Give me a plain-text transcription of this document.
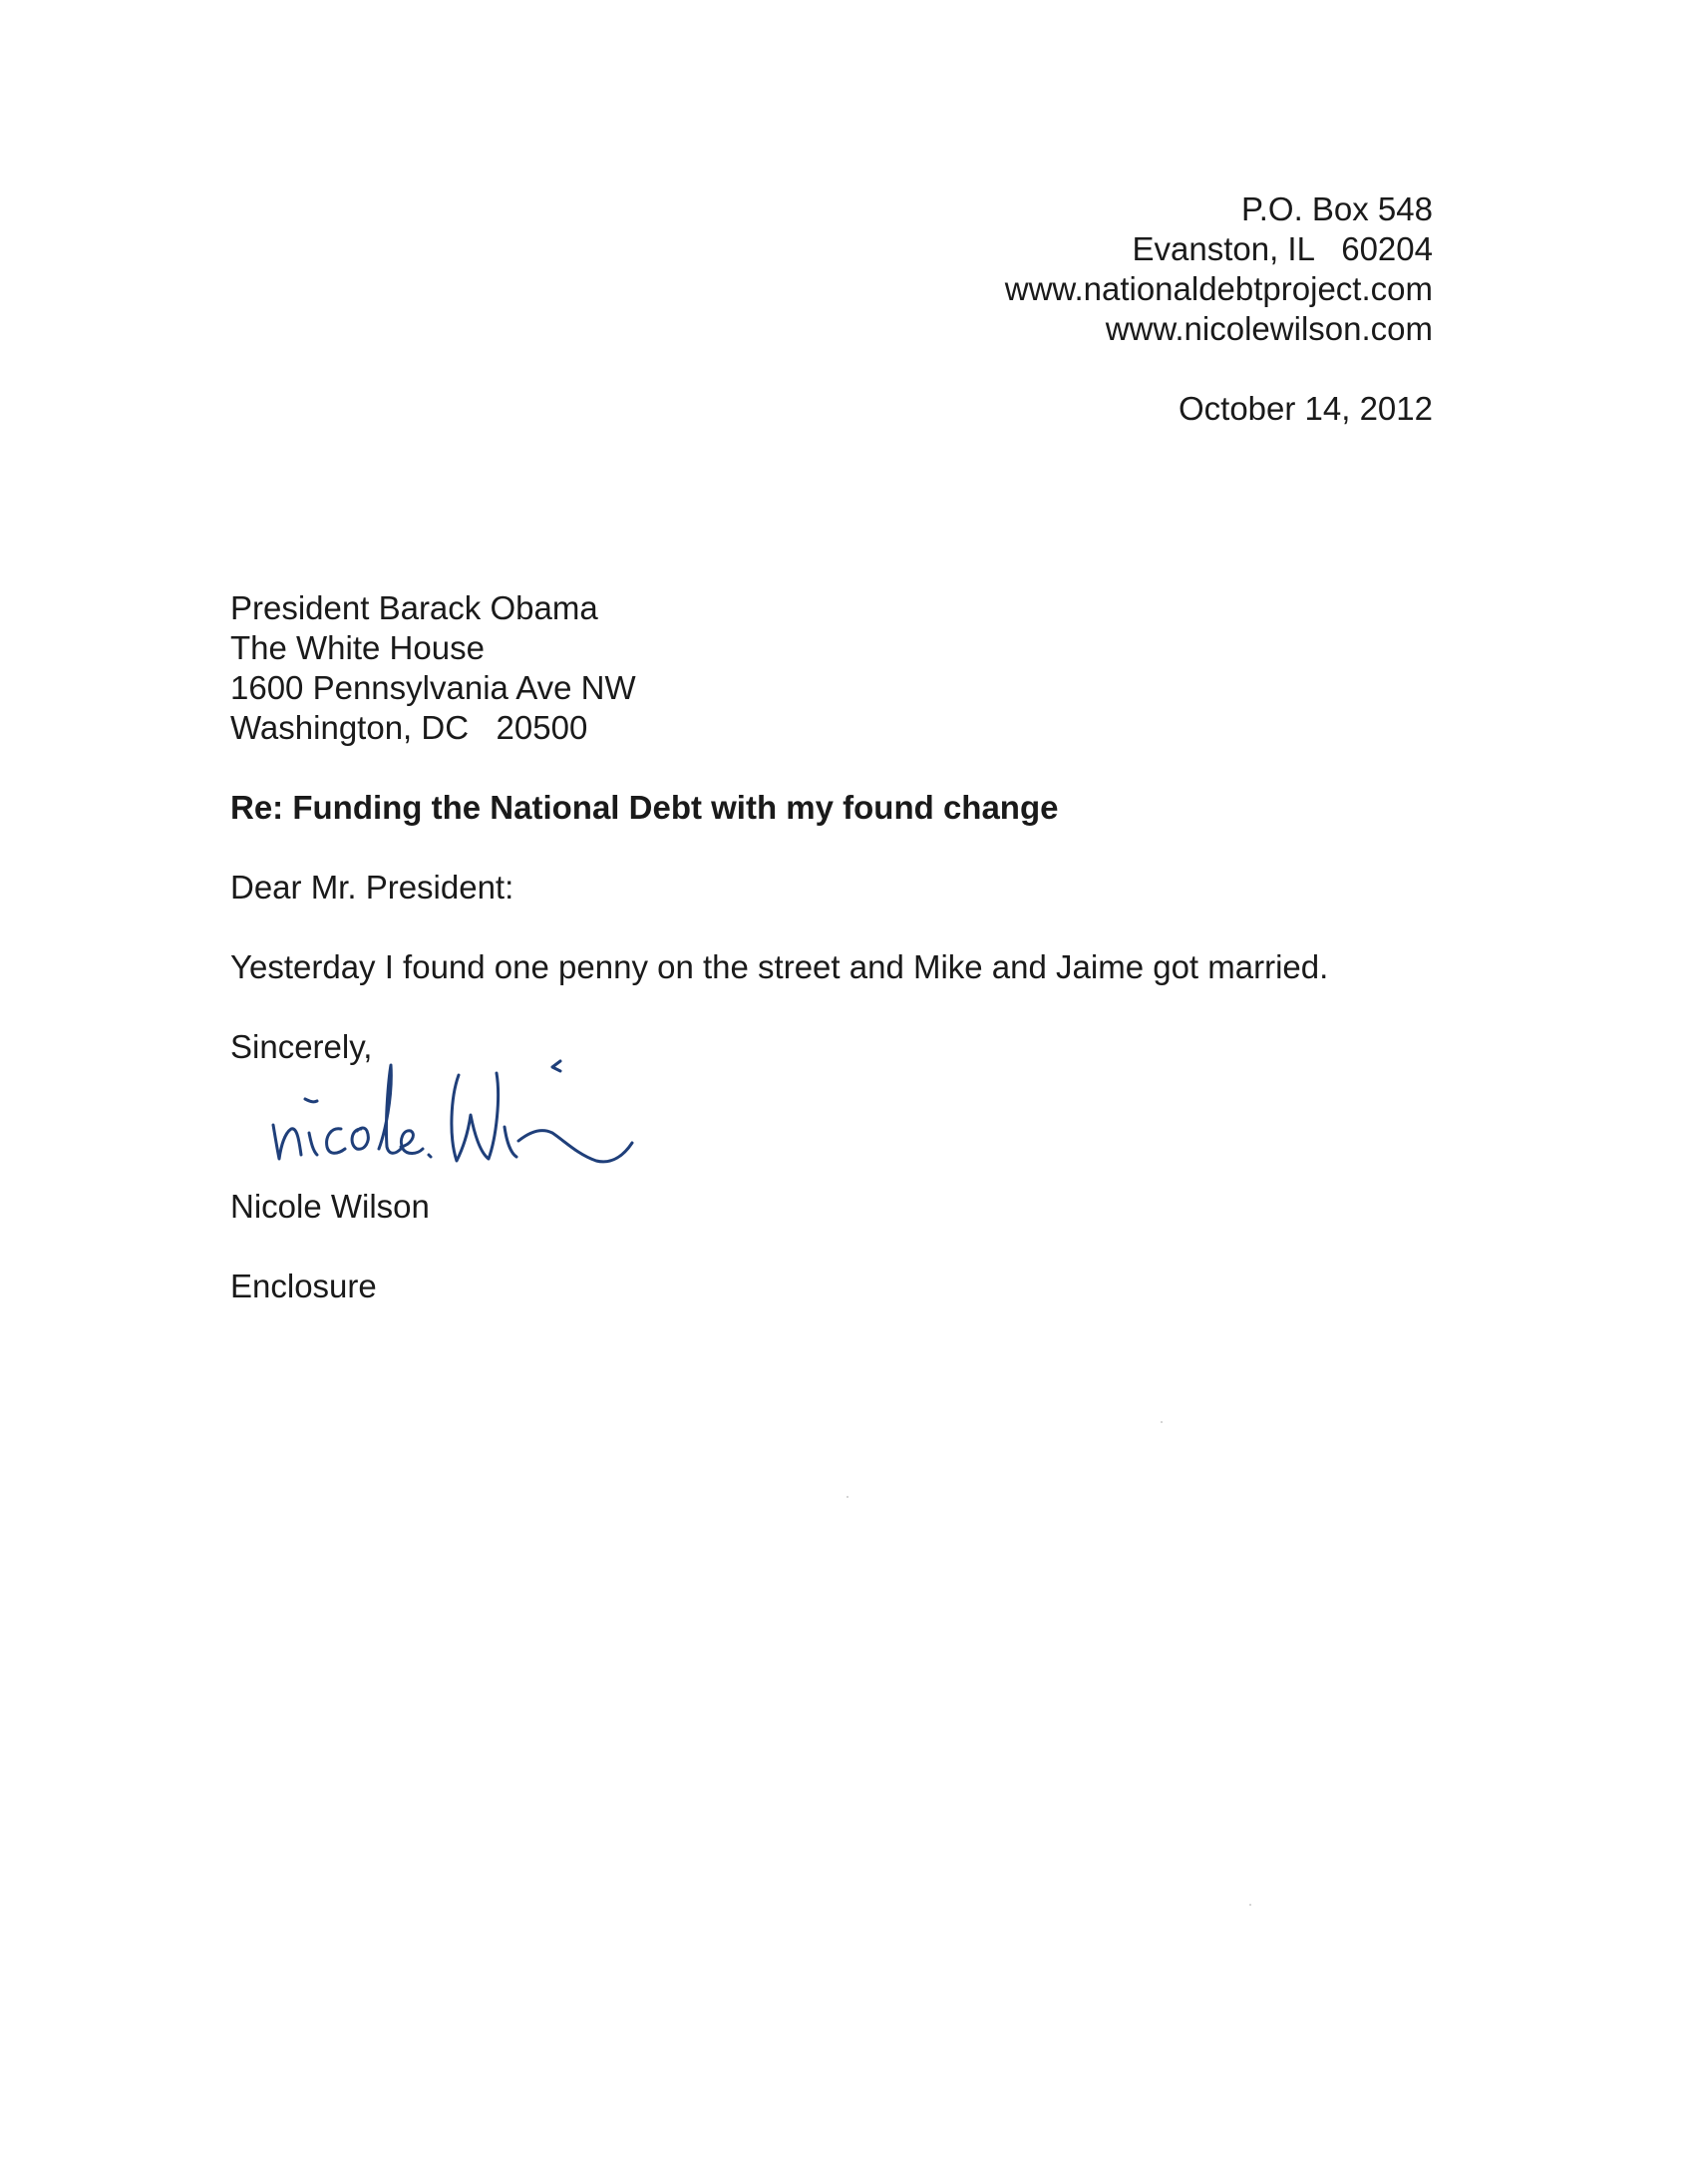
P.O. Box 548
Evanston, IL   60204
www.nationaldebtproject.com
www.nicolewilson.com
October 14, 2012
President Barack Obama
The White House
1600 Pennsylvania Ave NW
Washington, DC   20500
Re: Funding the National Debt with my found change
Dear Mr. President:
Yesterday I found one penny on the street and Mike and Jaime got married.
Sincerely,
Nicole Wilson
Enclosure
